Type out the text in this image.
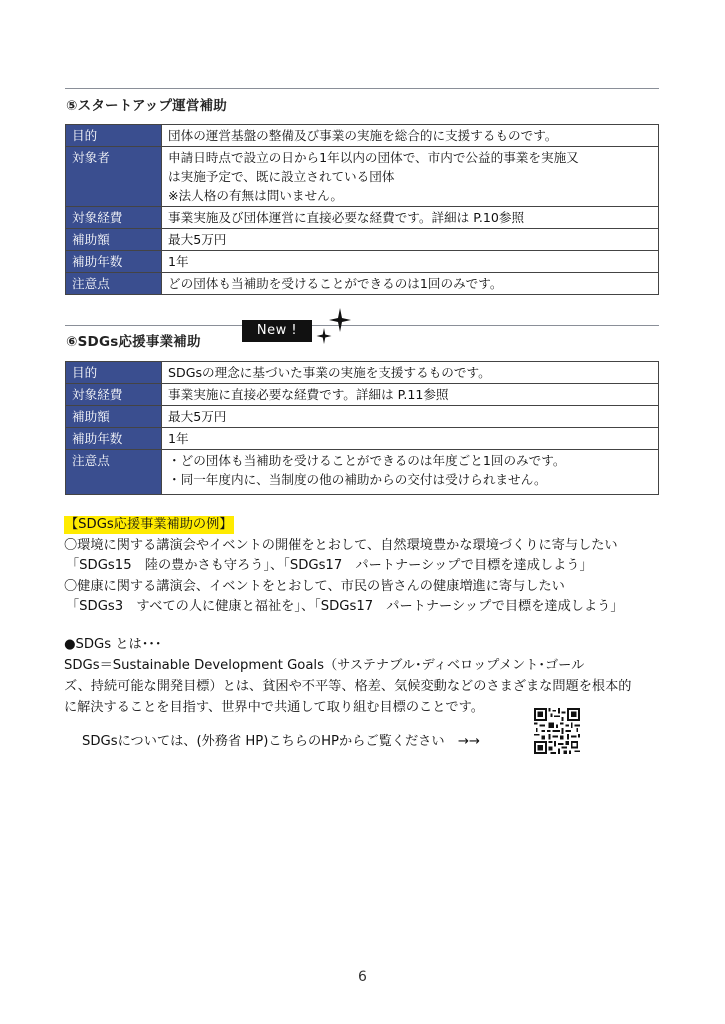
⑤スタートアップ運営補助
目的	団体の運営基盤の整備及び事業の実施を総合的に支援するものです。

対象者	申請日時点で設立の日から1年以内の団体で、市内で公益的事業を実施又
は実施予定で、既に設立されている団体
※法人格の有無は問いません。

対象経費	事業実施及び団体運営に直接必要な経費です。詳細は P.10参照

補助額	最大5万円

補助年数	1年

注意点	どの団体も当補助を受けることができるのは1回のみです。
⑥SDGs応援事業補助
New !
目的	SDGsの理念に基づいた事業の実施を支援するものです。

対象経費	事業実施に直接必要な経費です。詳細は P.11参照

補助額	最大5万円

補助年数	1年

注意点	・どの団体も当補助を受けることができるのは年度ごと1回のみです。
・同一年度内に、当制度の他の補助からの交付は受けられません。
【SDGs応援事業補助の例】
〇環境に関する講演会やイベントの開催をとおして、自然環境豊かな環境づくりに寄与したい
「SDGs15　陸の豊かさも守ろう」、「SDGs17　パートナーシップで目標を達成しよう」
〇健康に関する講演会、イベントをとおして、市民の皆さんの健康増進に寄与したい
「SDGs3　すべての人に健康と福祉を」、「SDGs17　パートナーシップで目標を達成しよう」
●SDGs とは･･･
SDGs＝Sustainable Development Goals（サステナブル･ディベロップメント･ゴール
ズ、持続可能な開発目標）とは、貧困や不平等、格差、気候変動などのさまざまな問題を根本的
に解決することを目指す、世界中で共通して取り組む目標のことです。
SDGsについては、(外務省 HP)こちらのHPからご覧ください　→→
6
